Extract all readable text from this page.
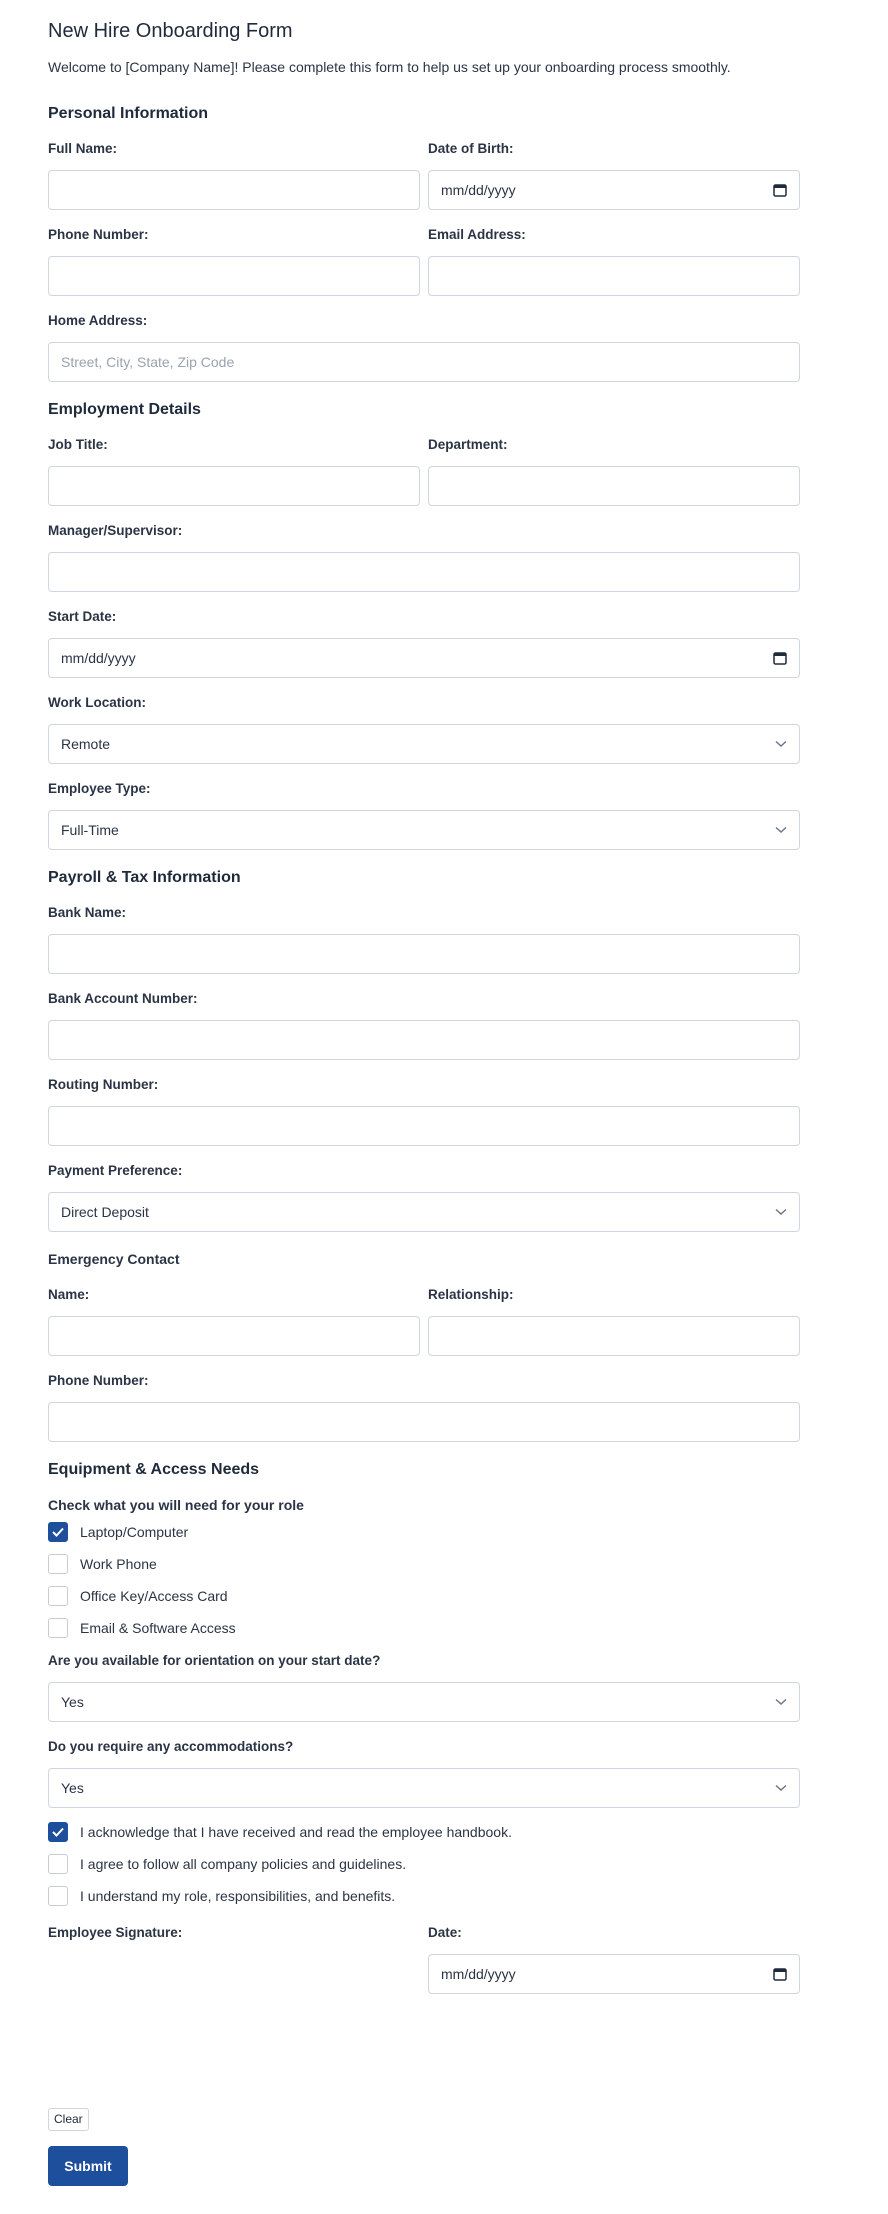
New Hire Onboarding Form

Welcome to [Company Name]! Please complete this form to help us set up your onboarding process smoothly.

Personal Information
Full Name:	Date of Birth:
mm/dd/yyyy
Phone Number:	Email Address:
Home Address:
Street, City, State, Zip Code
Employment Details
Job Title:	Department:
Manager/Supervisor:
Start Date:
mm/dd/yyyy
Work Location:
Remote
Employee Type:
Full-Time
Payroll & Tax Information
Bank Name:
Bank Account Number:
Routing Number:
Payment Preference:
Direct Deposit
Emergency Contact
Name:	Relationship:
Phone Number:
Equipment & Access Needs
Check what you will need for your role
Laptop/Computer
Work Phone
Office Key/Access Card
Email & Software Access
Are you available for orientation on your start date?
Yes
Do you require any accommodations?
Yes
I acknowledge that I have received and read the employee handbook.
I agree to follow all company policies and guidelines.
I understand my role, responsibilities, and benefits.
Employee Signature:	Date:
mm/dd/yyyy
Clear
Submit
